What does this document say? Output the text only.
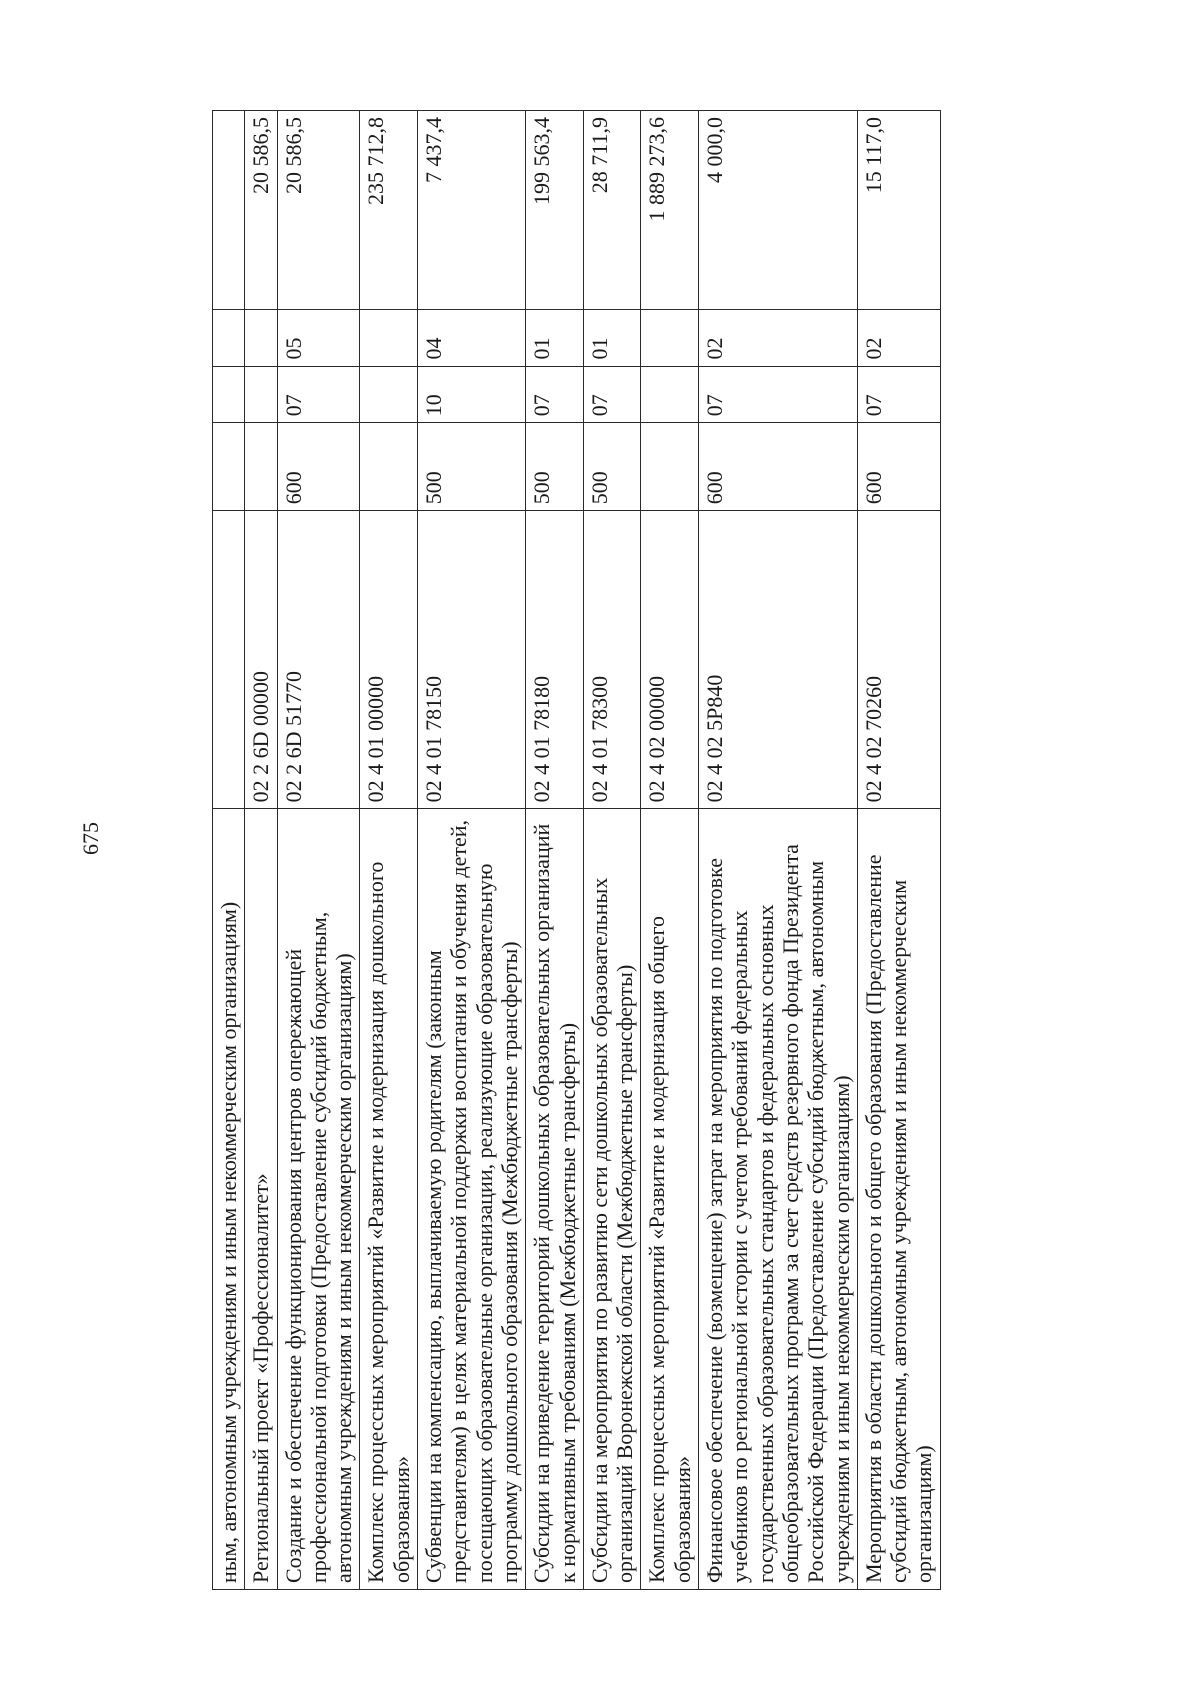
675
ным, автономным учреждениям и иным некоммерческим организациям)					
Региональный проект «Профессионалитет»	02 2 6D 00000				20 586,5
Создание и обеспечение функционирования центров опережающей профессиональной подготовки (Предоставление субсидий бюджетным, автономным учреждениям и иным некоммерческим организациям)	02 2 6D 51770	600	07	05	20 586,5
Комплекс процессных мероприятий «Развитие и модернизация дошкольного образования»	02 4 01 00000				235 712,8
Субвенции на компенсацию, выплачиваемую родителям (законным представителям) в целях материальной поддержки воспитания и обучения детей, посещающих образовательные организации, реализующие образовательную программу дошкольного образования (Межбюджетные трансферты)	02 4 01 78150	500	10	04	7 437,4
Субсидии на приведение территорий дошкольных образовательных организаций к нормативным требованиям (Межбюджетные трансферты)	02 4 01 78180	500	07	01	199 563,4
Субсидии на мероприятия по развитию сети дошкольных образовательных организаций Воронежской области (Межбюджетные трансферты)	02 4 01 78300	500	07	01	28 711,9
Комплекс процессных мероприятий «Развитие и модернизация общего образования»	02 4 02 00000				1 889 273,6
Финансовое обеспечение (возмещение) затрат на мероприятия по подготовке учебников по региональной истории с учетом требований федеральных государственных образовательных стандартов и федеральных основных общеобразовательных программ за счет средств резервного фонда Президента Российской Федерации (Предоставление субсидий бюджетным, автономным учреждениям и иным некоммерческим организациям)	02 4 02 5Р840	600	07	02	4 000,0
Мероприятия в области дошкольного и общего образования (Предоставление субсидий бюджетным, автономным учреждениям и иным некоммерческим организациям)	02 4 02 70260	600	07	02	15 117,0
